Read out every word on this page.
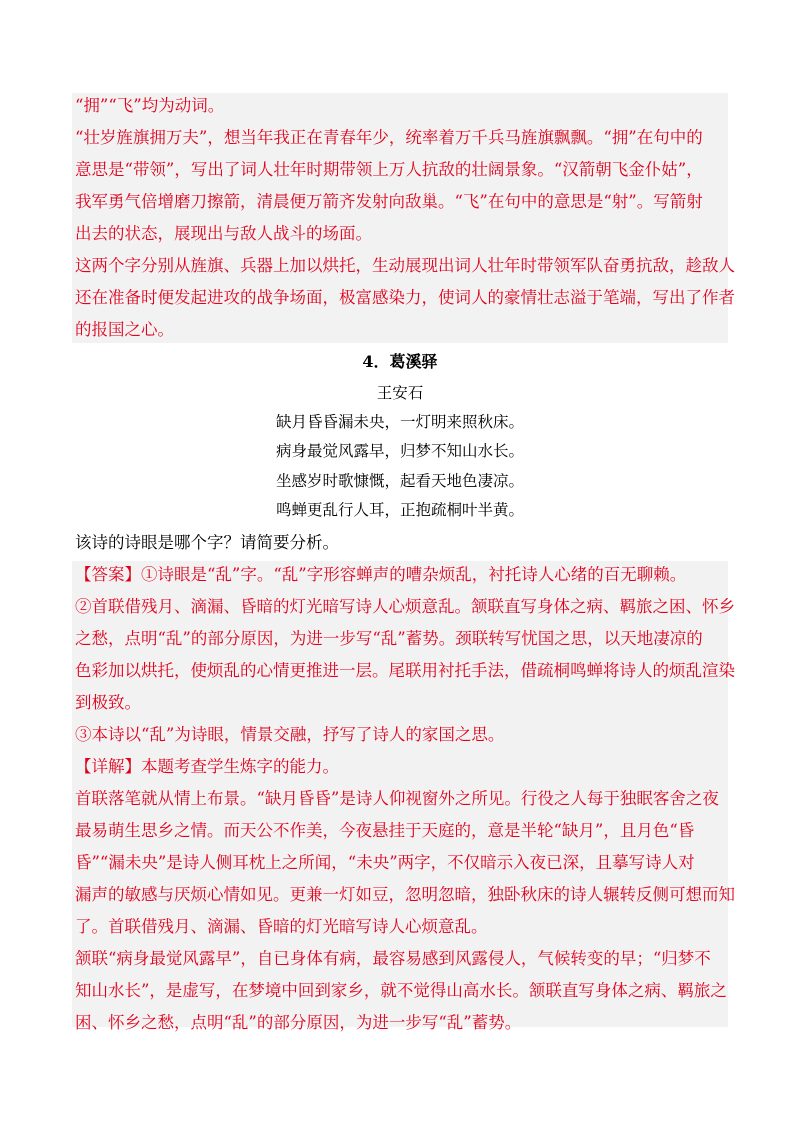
“拥”“飞”均为动词。
“壮岁旌旗拥万夫”，想当年我正在青春年少，统率着万千兵马旌旗飘飘。“拥”在句中的
意思是“带领”，写出了词人壮年时期带领上万人抗敌的壮阔景象。“汉箭朝飞金仆姑”，
我军勇气倍增磨刀擦箭，清晨便万箭齐发射向敌巢。“飞”在句中的意思是“射”。写箭射
出去的状态，展现出与敌人战斗的场面。
这两个字分别从旌旗、兵器上加以烘托，生动展现出词人壮年时带领军队奋勇抗敌，趁敌人
还在准备时便发起进攻的战争场面，极富感染力，使词人的豪情壮志溢于笔端，写出了作者
的报国之心。
4．葛溪驿
王安石
缺月昏昏漏未央，一灯明来照秋床。
病身最觉风露早，归梦不知山水长。
坐感岁时歌慷慨，起看天地色凄凉。
鸣蝉更乱行人耳，正抱疏桐叶半黄。
该诗的诗眼是哪个字？请简要分析。
【答案】①诗眼是“乱”字。“乱”字形容蝉声的嘈杂烦乱，衬托诗人心绪的百无聊赖。
②首联借残月、滴漏、昏暗的灯光暗写诗人心烦意乱。颔联直写身体之病、羁旅之困、怀乡
之愁，点明“乱”的部分原因，为进一步写“乱”蓄势。颈联转写忧国之思，以天地凄凉的
色彩加以烘托，使烦乱的心情更推进一层。尾联用衬托手法，借疏桐鸣蝉将诗人的烦乱渲染
到极致。
③本诗以“乱”为诗眼，情景交融，抒写了诗人的家国之思。
【详解】本题考查学生炼字的能力。
首联落笔就从情上布景。“缺月昏昏”是诗人仰视窗外之所见。行役之人每于独眠客舍之夜
最易萌生思乡之情。而天公不作美，今夜悬挂于天庭的，意是半轮“缺月”，且月色“昏
昏”“漏未央”是诗人侧耳枕上之所闻，“未央”两字，不仅暗示入夜已深，且摹写诗人对
漏声的敏感与厌烦心情如见。更兼一灯如豆，忽明忽暗，独卧秋床的诗人辗转反侧可想而知
了。首联借残月、滴漏、昏暗的灯光暗写诗人心烦意乱。
颔联“病身最觉风露早”，自已身体有病，最容易感到风露侵人，气候转变的早；“归梦不
知山水长”，是虚写，在梦境中回到家乡，就不觉得山高水长。颔联直写身体之病、羁旅之
困、怀乡之愁，点明“乱”的部分原因，为进一步写“乱”蓄势。
